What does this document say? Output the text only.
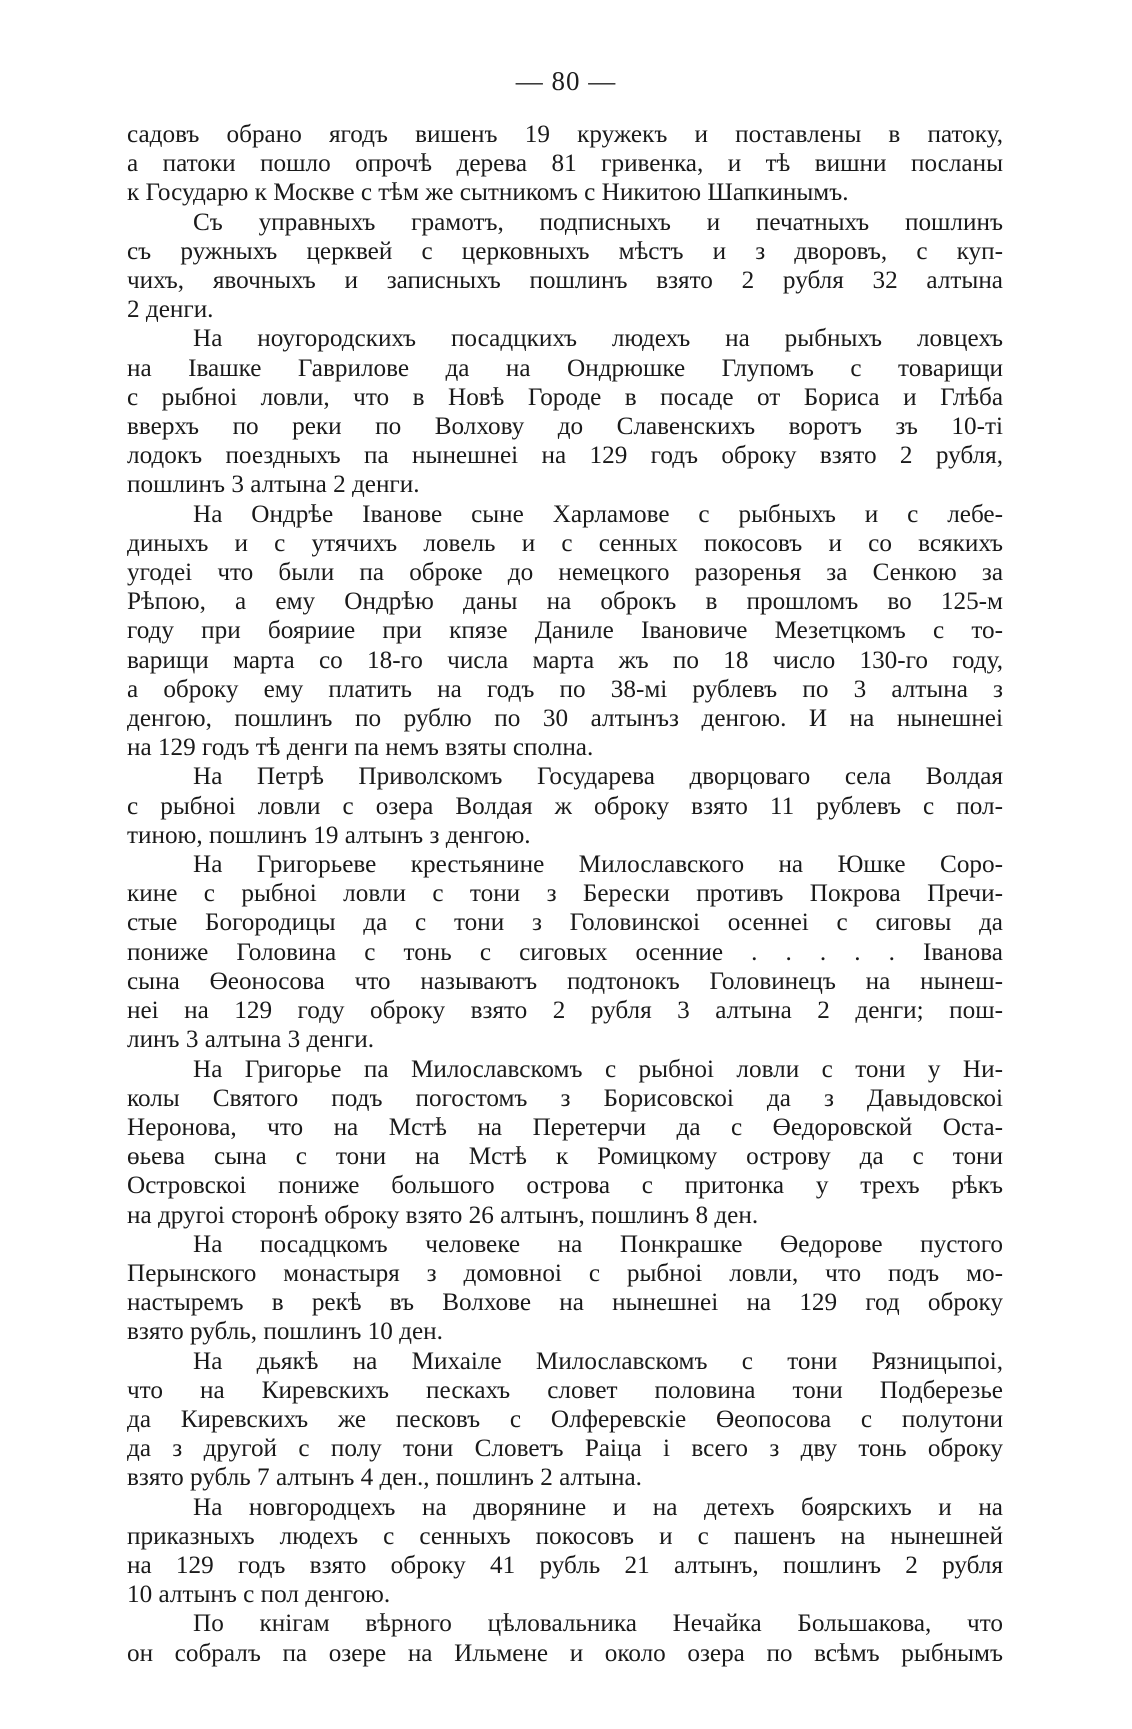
— 80 —
садовъ обрано ягодъ вишенъ 19 кружекъ и поставлены в патоку,
а патоки пошло опрочѣ дерева 81 гривенка, и тѣ вишни посланы
к Государю к Москве с тѣм же сытникомъ с Никитою Шапкинымъ.
Съ управныхъ грамотъ, подписныхъ и печатныхъ пошлинъ
съ ружныхъ церквей с церковныхъ мѣстъ и з дворовъ, с куп-
чихъ, явочныхъ и записныхъ пошлинъ взято 2 рубля 32 алтына
2 денги.
На ноугородскихъ посадцкихъ людехъ на рыбныхъ ловцехъ
на Івашке Гаврилове да на Ондрюшке Глупомъ с товарищи
с рыбноі ловли, что в Новѣ Городе в посаде от Бориса и Глѣба
вверхъ по реки по Волхову до Славенскихъ воротъ зъ 10-ті
лодокъ поездныхъ па нынешнеі на 129 годъ оброку взято 2 рубля,
пошлинъ 3 алтына 2 денги.
На Ондрѣе Іванове сыне Харламове с рыбныхъ и с лебе-
диныхъ и с утячихъ ловель и с сенных покосовъ и со всякихъ
угодеі что были па оброке до немецкого разоренья за Сенкою за
Рѣпою, а ему Ондрѣю даны на оброкъ в прошломъ во 125-м
году при бояриие при кпязе Даниле Івановиче Мезетцкомъ с то-
варищи марта со 18-го числа марта жъ по 18 число 130-го году,
а оброку ему платить на годъ по 38-мі рублевъ по 3 алтына з
денгою, пошлинъ по рублю по 30 алтынъз денгою. И на нынешнеі
на 129 годъ тѣ денги па немъ взяты сполна.
На Петрѣ Приволскомъ Государева дворцоваго села Волдая
с рыбноі ловли с озера Волдая ж оброку взято 11 рублевъ с пол-
тиною, пошлинъ 19 алтынъ з денгою.
На Григорьеве крестьянине Милославского на Юшке Соро-
кине с рыбноі ловли с тони з Берески противъ Покрова Пречи-
стые Богородицы да с тони з Головинскоі осеннеі с сиговы да
пониже Головина с тонь с сиговых осенние . . . . . Іванова
сына Өеоносова что называютъ подтонокъ Головинецъ на нынеш-
неі на 129 году оброку взято 2 рубля 3 алтына 2 денги; пош-
линъ 3 алтына 3 денги.
На Григорье па Милославскомъ с рыбноі ловли с тони у Ни-
колы Святого подъ погостомъ з Борисовскоі да з Давыдовскоі
Неронова, что на Мстѣ на Перетерчи да с Өедоровской Оста-
өьева сына с тони на Мстѣ к Ромицкому острову да с тони
Островскоі пониже большого острова с притонка у трехъ рѣкъ
на другоі сторонѣ оброку взято 26 алтынъ, пошлинъ 8 ден.
На посадцкомъ человеке на Понкрашке Өедорове пустого
Перынского монастыря з домовноі с рыбноі ловли, что подъ мо-
настыремъ в рекѣ въ Волхове на нынешнеі на 129 год оброку
взято рубль, пошлинъ 10 ден.
На дьякѣ на Михаіле Милославскомъ с тони Рязницыпоі,
что на Киревскихъ пескахъ словет половина тони Подберезье
да Киревскихъ же песковъ с Олферевскіе Өеопосова с полутони
да з другой с полу тони Словетъ Раіца і всего з дву тонь оброку
взято рубль 7 алтынъ 4 ден., пошлинъ 2 алтына.
На новгородцехъ на дворянине и на детехъ боярскихъ и на
приказныхъ людехъ с сенныхъ покосовъ и с пашенъ на нынешней
на 129 годъ взято оброку 41 рубль 21 алтынъ, пошлинъ 2 рубля
10 алтынъ с пол денгою.
По кнігам вѣрного цѣловальника Нечайка Большакова, что
он собралъ па озере на Ильмене и около озера по всѣмъ рыбнымъ
